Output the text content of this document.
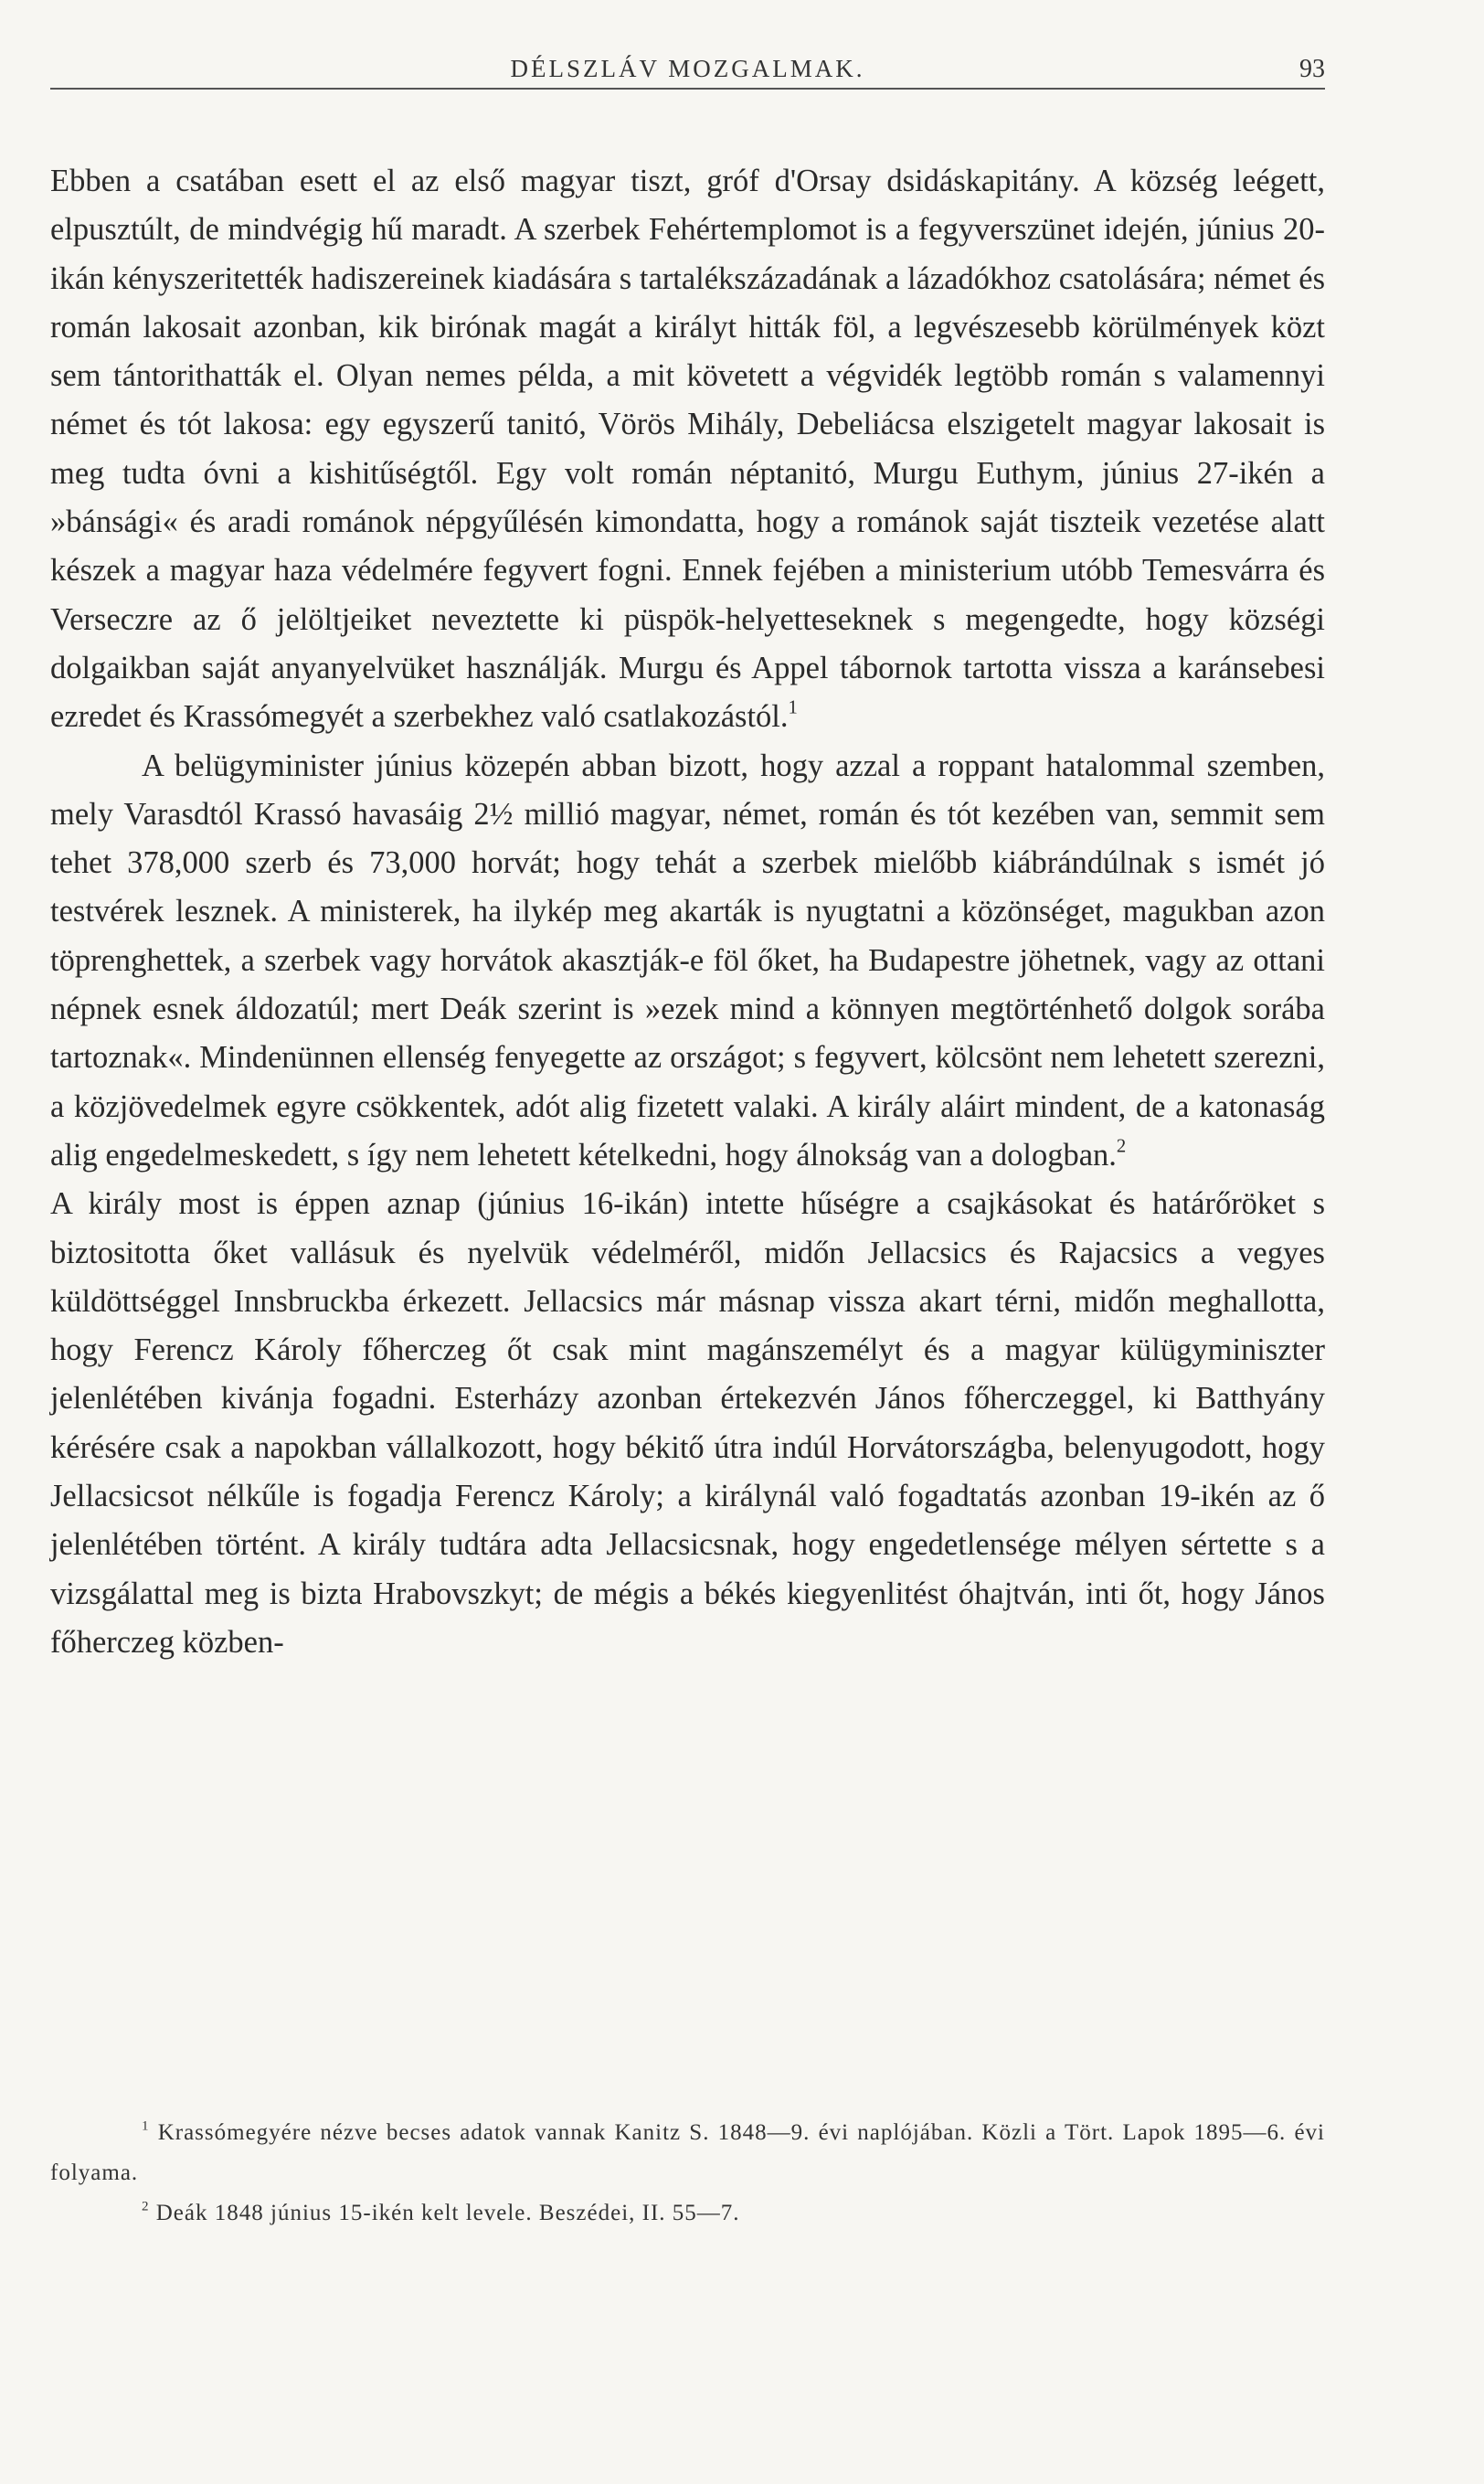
DÉLSZLÁV MOZGALMAK.	93

Ebben a csatában esett el az első magyar tiszt, gróf d'Orsay dsidáskapitány. A község leégett, elpusztúlt, de mindvégig hű maradt. A szerbek Fehértemplomot is a fegyverszünet idején, június 20-ikán kényszeritették hadiszereinek kiadására s tartalékszázadának a lázadókhoz csatolására; német és román lakosait azonban, kik birónak magát a királyt hitták föl, a legvészesebb körülmények közt sem tántorithatták el. Olyan nemes példa, a mit követett a végvidék legtöbb román s valamennyi német és tót lakosa: egy egyszerű tanitó, Vörös Mihály, Debeliácsa elszigetelt magyar lakosait is meg tudta óvni a kishitűségtől. Egy volt román néptanitó, Murgu Euthym, június 27-ikén a »bánsági« és aradi románok népgyűlésén kimondatta, hogy a románok saját tiszteik vezetése alatt készek a magyar haza védelmére fegyvert fogni. Ennek fejében a ministerium utóbb Temesvárra és Verseczre az ő jelöltjeiket neveztette ki püspök-helyetteseknek s megengedte, hogy községi dolgaikban saját anyanyelvüket használják. Murgu és Appel tábornok tartotta vissza a karánsebesi ezredet és Krassómegyét a szerbekhez való csatlakozástól.$^1$

A belügyminister június közepén abban bizott, hogy azzal a roppant hatalommal szemben, mely Varasdtól Krassó havasáig 2½ millió magyar, német, román és tót kezében van, semmit sem tehet 378,000 szerb és 73,000 horvát; hogy tehát a szerbek mielőbb kiábrándúlnak s ismét jó testvérek lesznek. A ministerek, ha ilykép meg akarták is nyugtatni a közönséget, magukban azon töprenghettek, a szerbek vagy horvátok akasztják-e föl őket, ha Budapestre jöhetnek, vagy az ottani népnek esnek áldozatúl; mert Deák szerint is »ezek mind a könnyen megtörténhető dolgok sorába tartoznak«. Mindenünnen ellenség fenyegette az országot; s fegyvert, kölcsönt nem lehetett szerezni, a közjövedelmek egyre csökkentek, adót alig fizetett valaki. A király aláirt mindent, de a katonaság alig engedelmeskedett, s így nem lehetett kételkedni, hogy álnokság van a dologban.$^2$

A király most is éppen aznap (június 16-ikán) intette hűségre a csajkásokat és határőröket s biztositotta őket vallásuk és nyelvük védelméről, midőn Jellacsics és Rajacsics a vegyes küldöttséggel Innsbruckba érkezett. Jellacsics már másnap vissza akart térni, midőn meghallotta, hogy Ferencz Károly főherczeg őt csak mint magánszemélyt és a magyar külügyminiszter jelenlétében kivánja fogadni. Esterházy azonban értekezvén János főherczeggel, ki Batthyány kérésére csak a napokban vállalkozott, hogy békitő útra indúl Horvátországba, belenyugodott, hogy Jellacsicsot nélkűle is fogadja Ferencz Károly; a királynál való fogadtatás azonban 19-ikén az ő jelenlétében történt. A király tudtára adta Jellacsicsnak, hogy engedetlensége mélyen sértette s a vizsgálattal meg is bizta Hrabovszkyt; de mégis a békés kiegyenlitést óhajtván, inti őt, hogy János főherczeg közben-

$^1$ Krassómegyére nézve becses adatok vannak Kanitz S. 1848—9. évi naplójában. Közli a Tört. Lapok 1895—6. évi folyama.

$^2$ Deák 1848 június 15-ikén kelt levele. Beszédei, II. 55—7.
